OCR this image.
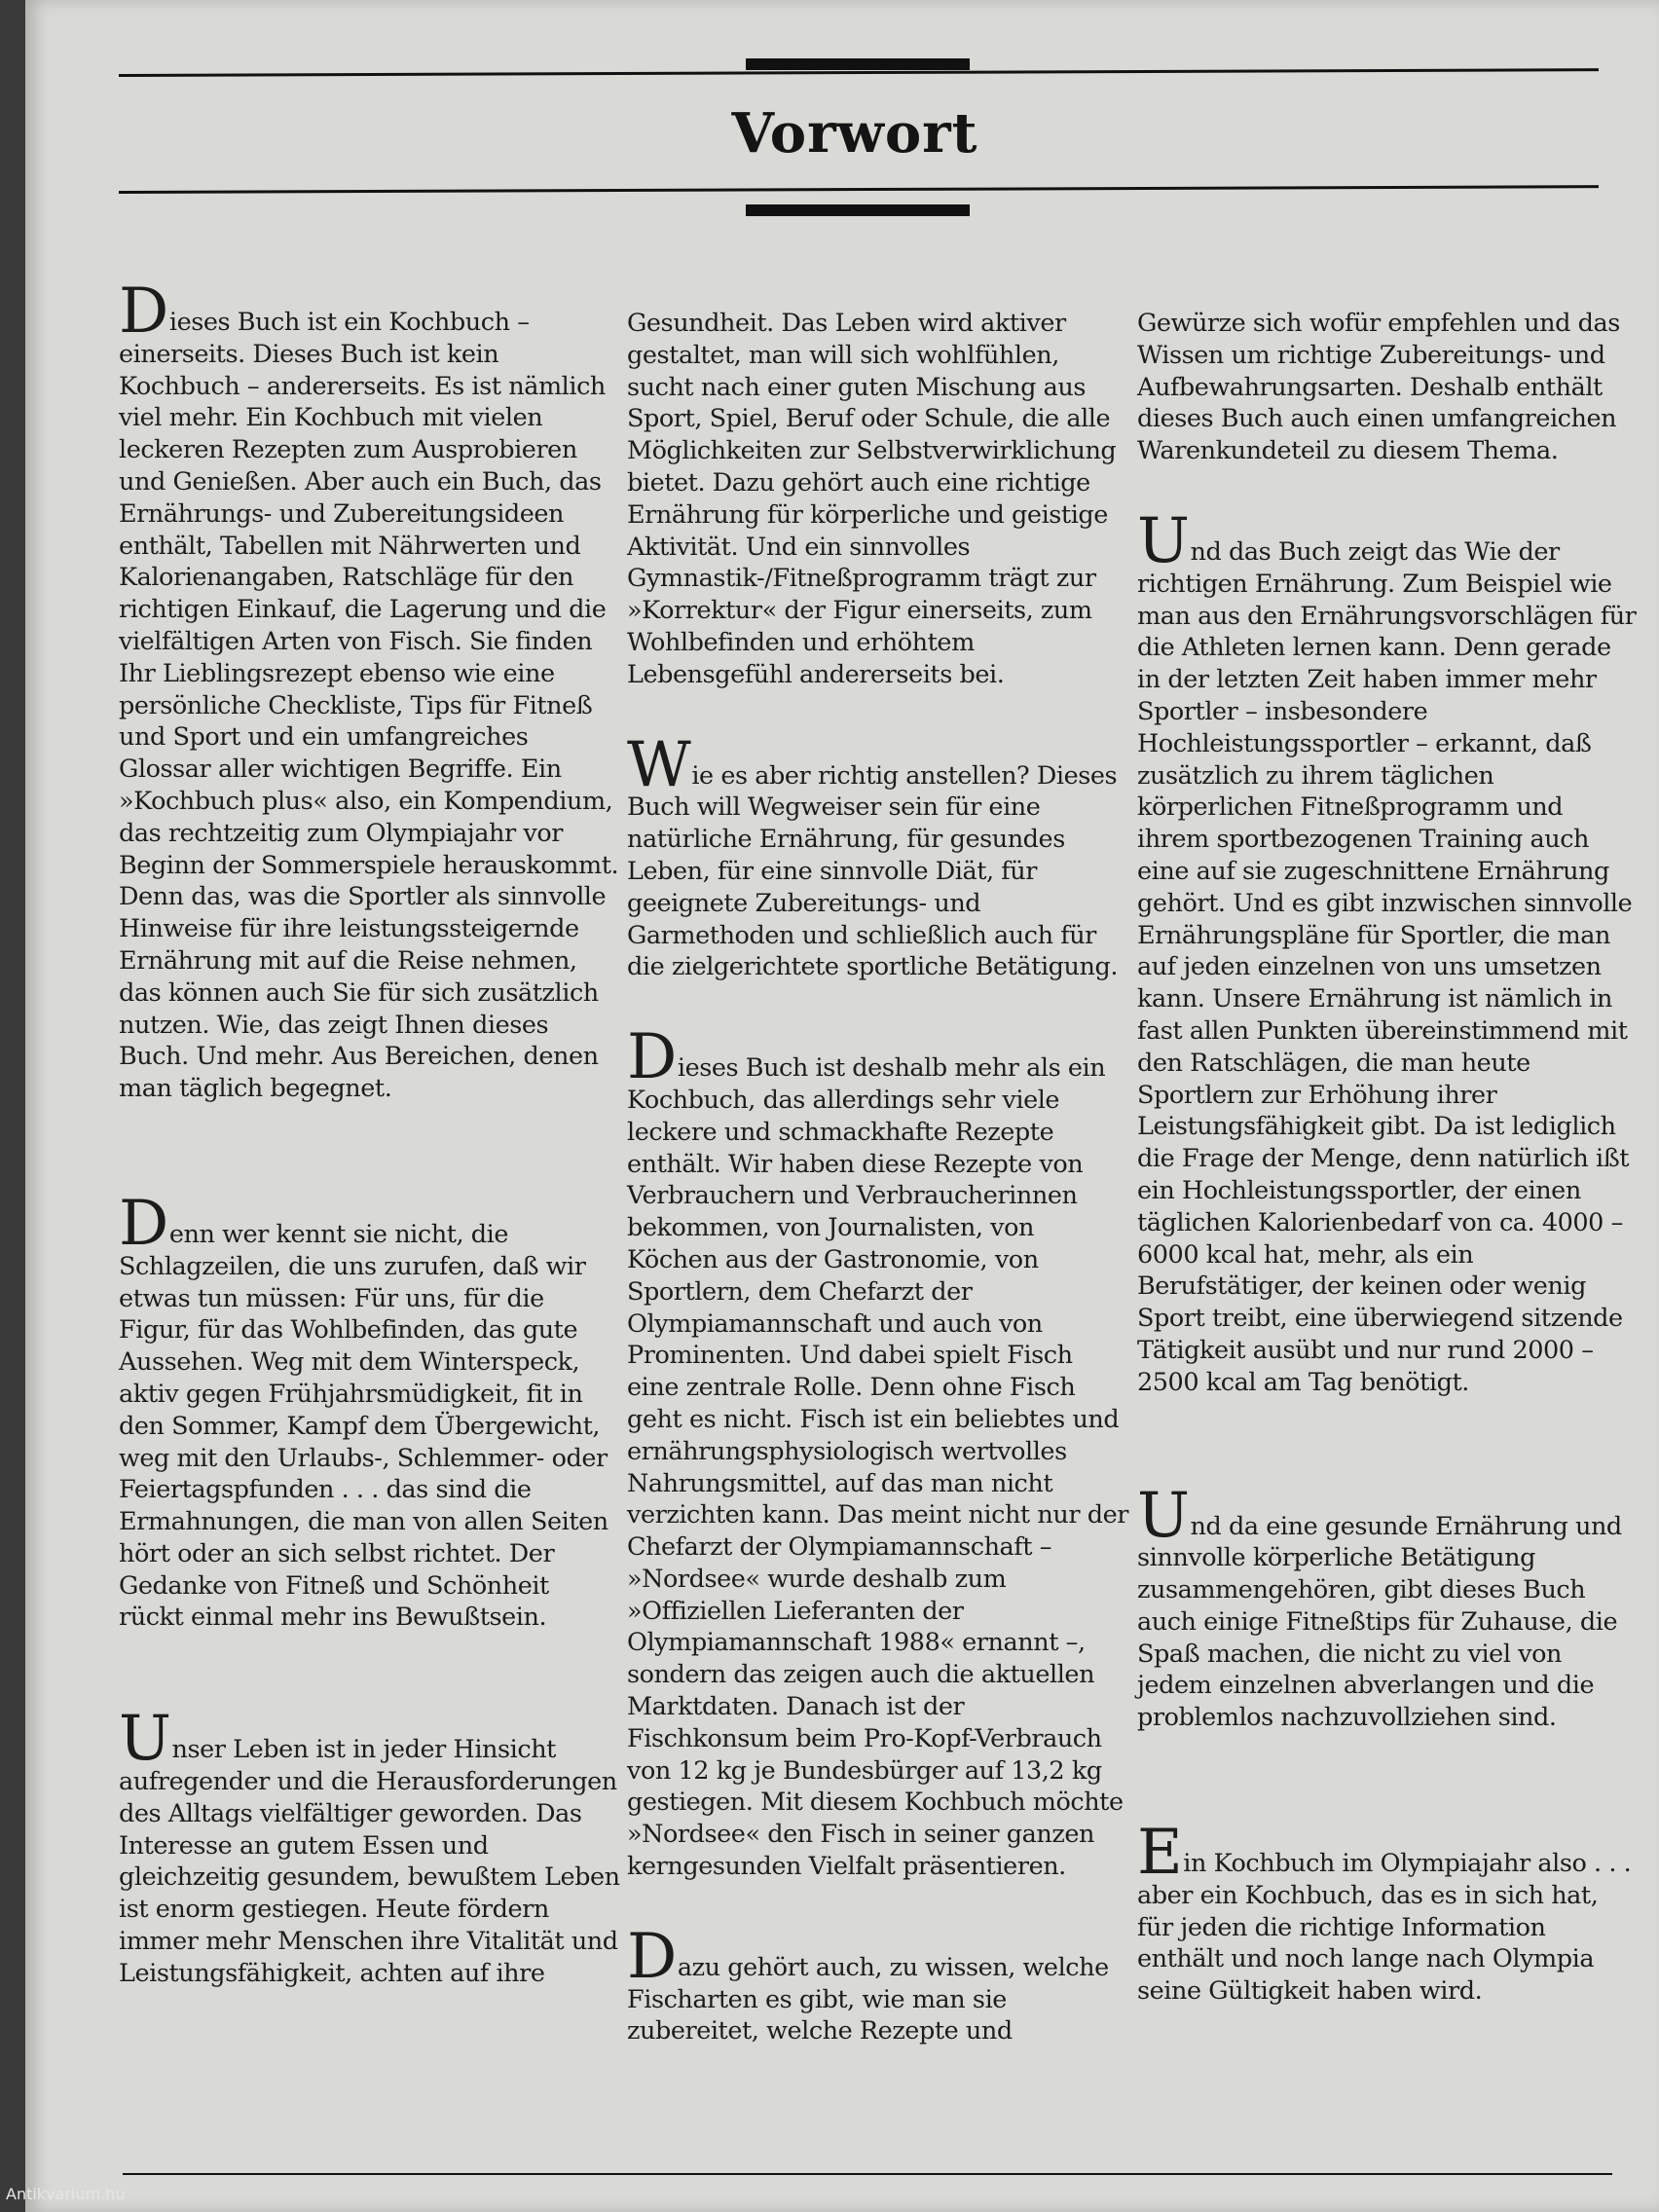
Vorwort

Dieses Buch ist ein Kochbuch – einerseits. Dieses Buch ist kein Kochbuch – andererseits. Es ist nämlich viel mehr. Ein Kochbuch mit vielen leckeren Rezepten zum Ausprobieren und Genießen. Aber auch ein Buch, das Ernährungs- und Zubereitungsideen enthält, Tabellen mit Nährwerten und Kalorienangaben, Ratschläge für den richtigen Einkauf, die Lagerung und die vielfältigen Arten von Fisch. Sie finden Ihr Lieblingsrezept ebenso wie eine persönliche Checkliste, Tips für Fitneß und Sport und ein umfangreiches Glossar aller wichtigen Begriffe. Ein »Kochbuch plus« also, ein Kompendium, das rechtzeitig zum Olympiajahr vor Beginn der Sommerspiele herauskommt. Denn das, was die Sportler als sinnvolle Hinweise für ihre leistungssteigernde Ernährung mit auf die Reise nehmen, das können auch Sie für sich zusätzlich nutzen. Wie, das zeigt Ihnen dieses Buch. Und mehr. Aus Bereichen, denen man täglich begegnet.

Denn wer kennt sie nicht, die Schlagzeilen, die uns zurufen, daß wir etwas tun müssen: Für uns, für die Figur, für das Wohlbefinden, das gute Aussehen. Weg mit dem Winterspeck, aktiv gegen Frühjahrsmüdigkeit, fit in den Sommer, Kampf dem Übergewicht, weg mit den Urlaubs-, Schlemmer- oder Feiertagspfunden . . . das sind die Ermahnungen, die man von allen Seiten hört oder an sich selbst richtet. Der Gedanke von Fitneß und Schönheit rückt einmal mehr ins Bewußtsein.

Unser Leben ist in jeder Hinsicht aufregender und die Herausforderungen des Alltags vielfältiger geworden. Das Interesse an gutem Essen und gleichzeitig gesundem, bewußtem Leben ist enorm gestiegen. Heute fördern immer mehr Menschen ihre Vitalität und Leistungsfähigkeit, achten auf ihre

Gesundheit. Das Leben wird aktiver gestaltet, man will sich wohlfühlen, sucht nach einer guten Mischung aus Sport, Spiel, Beruf oder Schule, die alle Möglichkeiten zur Selbstverwirklichung bietet. Dazu gehört auch eine richtige Ernährung für körperliche und geistige Aktivität. Und ein sinnvolles Gymnastik-/Fitneßprogramm trägt zur »Korrektur« der Figur einerseits, zum Wohlbefinden und erhöhtem Lebensgefühl andererseits bei.

Wie es aber richtig anstellen? Dieses Buch will Wegweiser sein für eine natürliche Ernährung, für gesundes Leben, für eine sinnvolle Diät, für geeignete Zubereitungs- und Garmethoden und schließlich auch für die zielgerichtete sportliche Betätigung.

Dieses Buch ist deshalb mehr als ein Kochbuch, das allerdings sehr viele leckere und schmackhafte Rezepte enthält. Wir haben diese Rezepte von Verbrauchern und Verbraucherinnen bekommen, von Journalisten, von Köchen aus der Gastronomie, von Sportlern, dem Chefarzt der Olympiamannschaft und auch von Prominenten. Und dabei spielt Fisch eine zentrale Rolle. Denn ohne Fisch geht es nicht. Fisch ist ein beliebtes und ernährungsphysiologisch wertvolles Nahrungsmittel, auf das man nicht verzichten kann. Das meint nicht nur der Chefarzt der Olympiamannschaft – »Nordsee« wurde deshalb zum »Offiziellen Lieferanten der Olympiamannschaft 1988« ernannt –, sondern das zeigen auch die aktuellen Marktdaten. Danach ist der Fischkonsum beim Pro-Kopf-Verbrauch von 12 kg je Bundesbürger auf 13,2 kg gestiegen. Mit diesem Kochbuch möchte »Nordsee« den Fisch in seiner ganzen kerngesunden Vielfalt präsentieren.

Dazu gehört auch, zu wissen, welche Fischarten es gibt, wie man sie zubereitet, welche Rezepte und

Gewürze sich wofür empfehlen und das Wissen um richtige Zubereitungs- und Aufbewahrungsarten. Deshalb enthält dieses Buch auch einen umfangreichen Warenkundeteil zu diesem Thema.

Und das Buch zeigt das Wie der richtigen Ernährung. Zum Beispiel wie man aus den Ernährungsvorschlägen für die Athleten lernen kann. Denn gerade in der letzten Zeit haben immer mehr Sportler – insbesondere Hochleistungssportler – erkannt, daß zusätzlich zu ihrem täglichen körperlichen Fitneßprogramm und ihrem sportbezogenen Training auch eine auf sie zugeschnittene Ernährung gehört. Und es gibt inzwischen sinnvolle Ernährungspläne für Sportler, die man auf jeden einzelnen von uns umsetzen kann. Unsere Ernährung ist nämlich in fast allen Punkten übereinstimmend mit den Ratschlägen, die man heute Sportlern zur Erhöhung ihrer Leistungsfähigkeit gibt. Da ist lediglich die Frage der Menge, denn natürlich ißt ein Hochleistungssportler, der einen täglichen Kalorienbedarf von ca. 4000 – 6000 kcal hat, mehr, als ein Berufstätiger, der keinen oder wenig Sport treibt, eine überwiegend sitzende Tätigkeit ausübt und nur rund 2000 – 2500 kcal am Tag benötigt.

Und da eine gesunde Ernährung und sinnvolle körperliche Betätigung zusammengehören, gibt dieses Buch auch einige Fitneßtips für Zuhause, die Spaß machen, die nicht zu viel von jedem einzelnen abverlangen und die problemlos nachzuvollziehen sind.

Ein Kochbuch im Olympiajahr also . . . aber ein Kochbuch, das es in sich hat, für jeden die richtige Information enthält und noch lange nach Olympia seine Gültigkeit haben wird.

Antikvarium.hu
